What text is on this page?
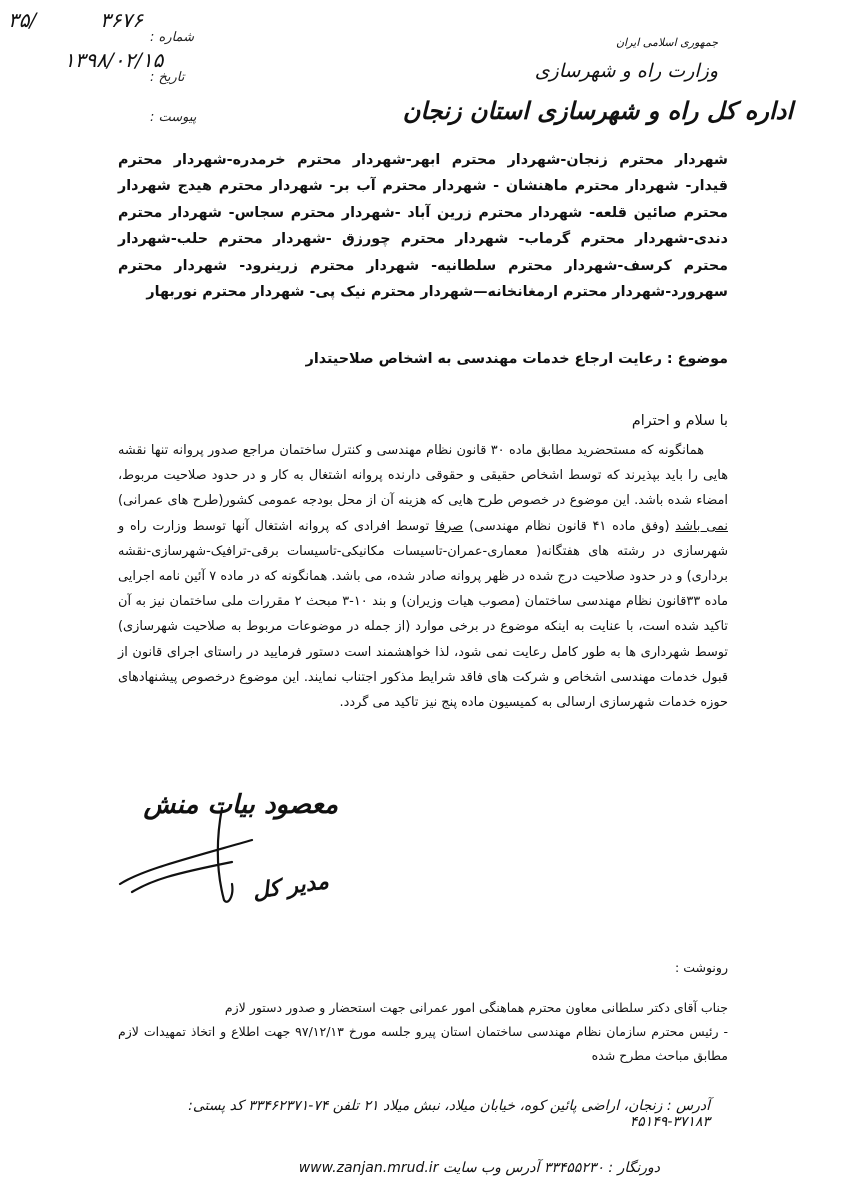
۳۵/	۳۶۷۶
۱۳۹۸/۰۲/۱۵
شماره :
تاریخ :
پیوست :
جمهوری اسلامی ایران
وزارت راه و شهرسازی
اداره کل راه و شهرسازی استان زنجان
شهردار محترم زنجان-شهردار محترم ابهر-شهردار محترم خرمدره-شهردار محترم قیدار- شهردار محترم ماهنشان - شهردار محترم آب بر- شهردار محترم هیدج شهردار محترم صائین قلعه- شهردار محترم زرین آباد -شهردار محترم سجاس- شهردار محترم دندی-شهردار محترم گرماب- شهردار محترم چورزق -شهردار محترم حلب-شهردار محترم کرسف-شهردار محترم سلطانیه- شهردار محترم زرینرود- شهردار محترم سهرورد-شهردار محترم ارمغانخانه—شهردار محترم نیک پی- شهردار محترم نوربهار
موضوع : رعایت ارجاع خدمات مهندسی به اشخاص صلاحیتدار
با سلام و احترام
همانگونه که مستحضرید مطابق ماده ۳۰ قانون نظام مهندسی و کنترل ساختمان مراجع صدور پروانه تنها نقشه هایی را باید بپذیرند که توسط اشخاص حقیقی و حقوقی دارنده پروانه اشتغال به کار و در حدود صلاحیت مربوط، امضاء شده باشد. این موضوع در خصوص طرح هایی که هزینه آن از محل بودجه عمومی کشور(طرح های عمرانی) نمی باشد (وفق ماده ۴۱ قانون نظام مهندسی) صرفا توسط افرادی که پروانه اشتغال آنها توسط وزارت راه و شهرسازی در رشته های هفتگانه( معماری-عمران-تاسیسات مکانیکی-تاسیسات برقی-ترافیک-شهرسازی-نقشه برداری) و در حدود صلاحیت درج شده در ظهر پروانه صادر شده، می باشد. همانگونه که در ماده ۷ آئین نامه اجرایی ماده ۳۳قانون نظام مهندسی ساختمان (مصوب هیات وزیران) و بند ۱۰-۳ مبحث ۲ مقررات ملی ساختمان نیز به آن تاکید شده است، با عنایت به اینکه موضوع در برخی موارد (از جمله در موضوعات مربوط به صلاحیت شهرسازی) توسط شهرداری ها به طور کامل رعایت نمی شود، لذا خواهشمند است دستور فرمایید در راستای اجرای قانون از قبول خدمات مهندسی اشخاص و شرکت های فاقد شرایط مذکور اجتناب نمایند. این موضوع درخصوص پیشنهادهای حوزه خدمات شهرسازی ارسالی به کمیسیون ماده پنج نیز تاکید می گردد.
معصود بیات منش
مدیر کل
رونوشت :
جناب آقای دکتر سلطانی معاون محترم هماهنگی امور عمرانی جهت استحضار و صدور دستور لازم
- رئیس محترم سازمان نظام مهندسی ساختمان استان پیرو جلسه مورخ ۹۷/۱۲/۱۳ جهت اطلاع و اتخاذ تمهیدات لازم مطابق مباحث مطرح شده
آدرس : زنجان، اراضی پائین کوه، خیابان میلاد، نبش میلاد ۲۱ تلفن ۷۴-۳۳۴۶۲۳۷۱ کد پستی: ۳۷۱۸۳-۴۵۱۴۹
دورنگار : ۳۳۴۵۵۲۳۰ آدرس وب سایت www.zanjan.mrud.ir
